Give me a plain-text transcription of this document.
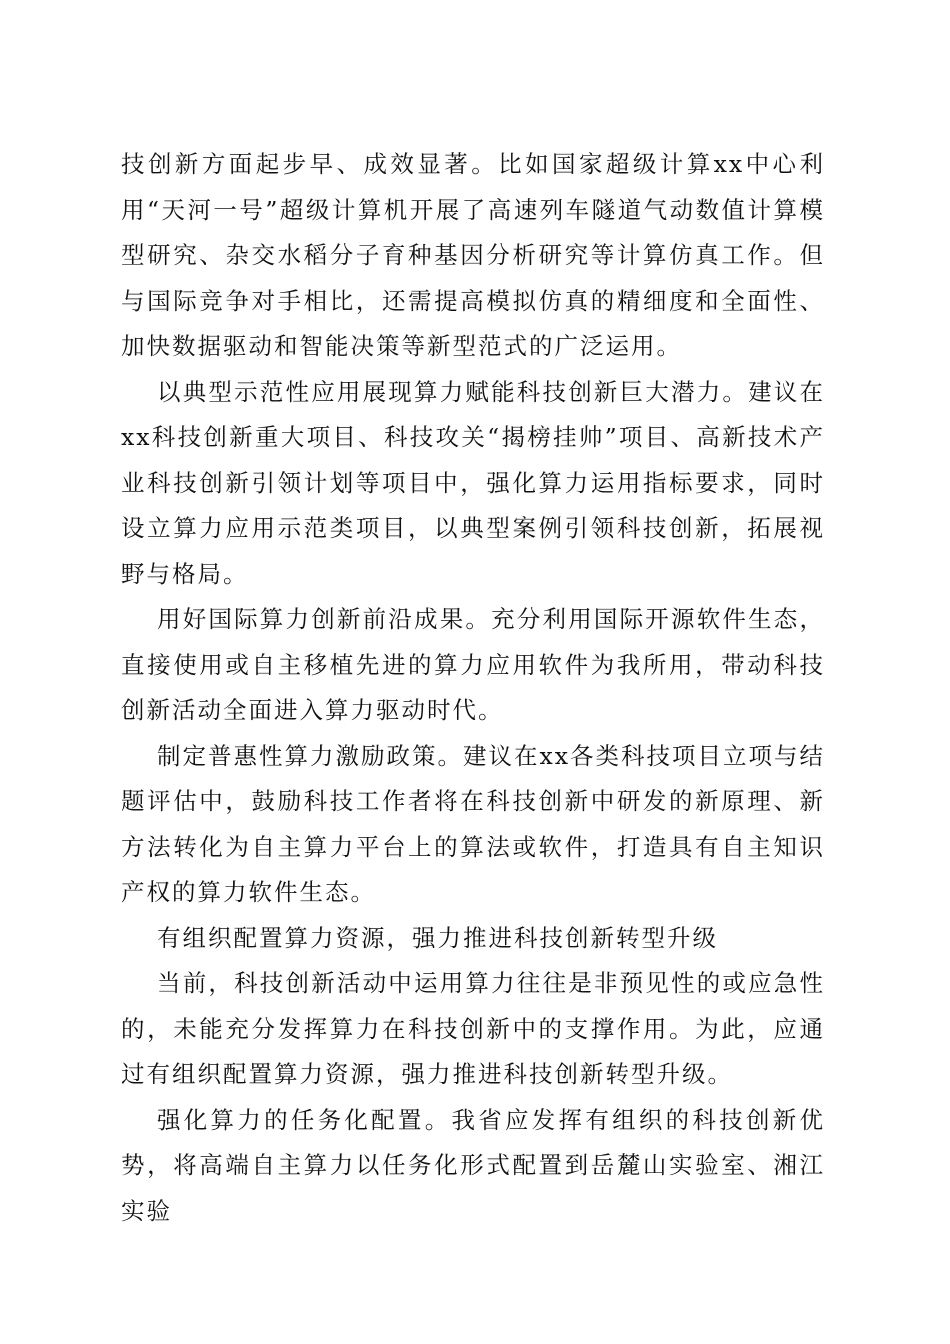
技创新方面起步早、成效显著。比如国家超级计算xx中心利用“天河一号”超级计算机开展了高速列车隧道气动数值计算模型研究、杂交水稻分子育种基因分析研究等计算仿真工作。但与国际竞争对手相比，还需提高模拟仿真的精细度和全面性、加快数据驱动和智能决策等新型范式的广泛运用。

以典型示范性应用展现算力赋能科技创新巨大潜力。建议在xx科技创新重大项目、科技攻关“揭榜挂帅”项目、高新技术产业科技创新引领计划等项目中，强化算力运用指标要求，同时设立算力应用示范类项目，以典型案例引领科技创新，拓展视野与格局。

用好国际算力创新前沿成果。充分利用国际开源软件生态，直接使用或自主移植先进的算力应用软件为我所用，带动科技创新活动全面进入算力驱动时代。

制定普惠性算力激励政策。建议在xx各类科技项目立项与结题评估中，鼓励科技工作者将在科技创新中研发的新原理、新方法转化为自主算力平台上的算法或软件，打造具有自主知识产权的算力软件生态。

有组织配置算力资源，强力推进科技创新转型升级

当前，科技创新活动中运用算力往往是非预见性的或应急性的，未能充分发挥算力在科技创新中的支撑作用。为此，应通过有组织配置算力资源，强力推进科技创新转型升级。

强化算力的任务化配置。我省应发挥有组织的科技创新优势，将高端自主算力以任务化形式配置到岳麓山实验室、湘江实验
